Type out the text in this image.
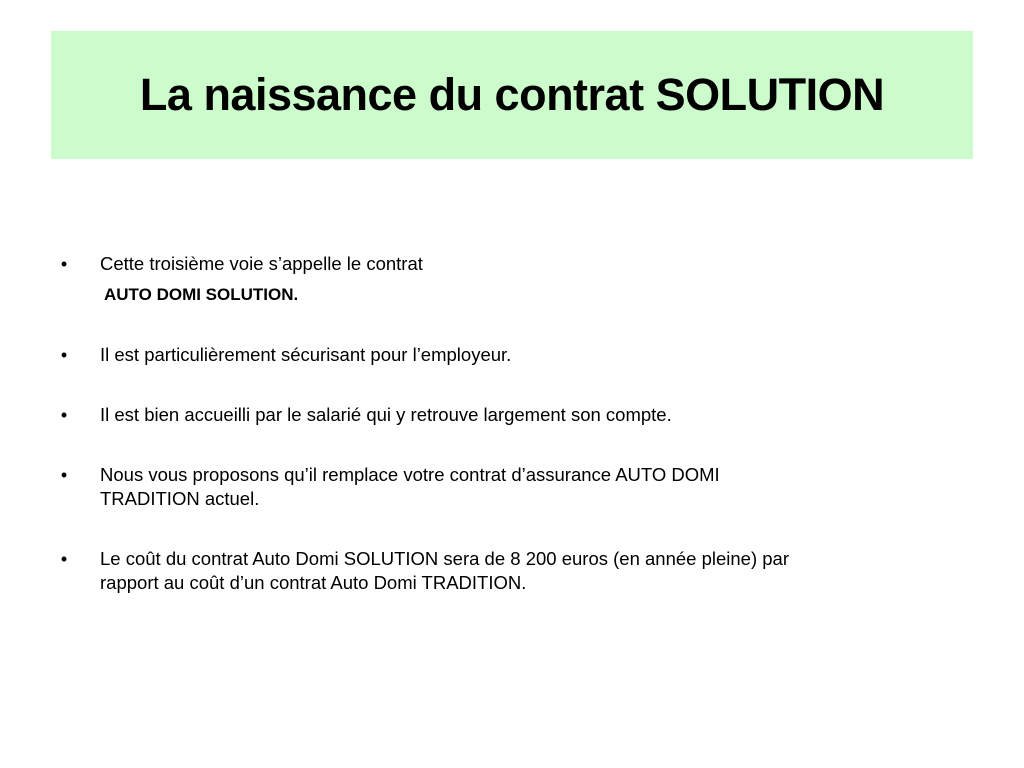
La naissance du contrat SOLUTION
• Cette troisième voie s’appelle le contrat
AUTO DOMI SOLUTION.
• Il est particulièrement sécurisant pour l’employeur.
• Il est bien accueilli par le salarié qui y retrouve largement son compte.
• Nous vous proposons qu’il remplace votre contrat d’assurance AUTO DOMI
TRADITION actuel.
• Le coût du contrat Auto Domi SOLUTION sera de 8 200 euros (en année pleine) par
rapport au coût d’un contrat Auto Domi TRADITION.
